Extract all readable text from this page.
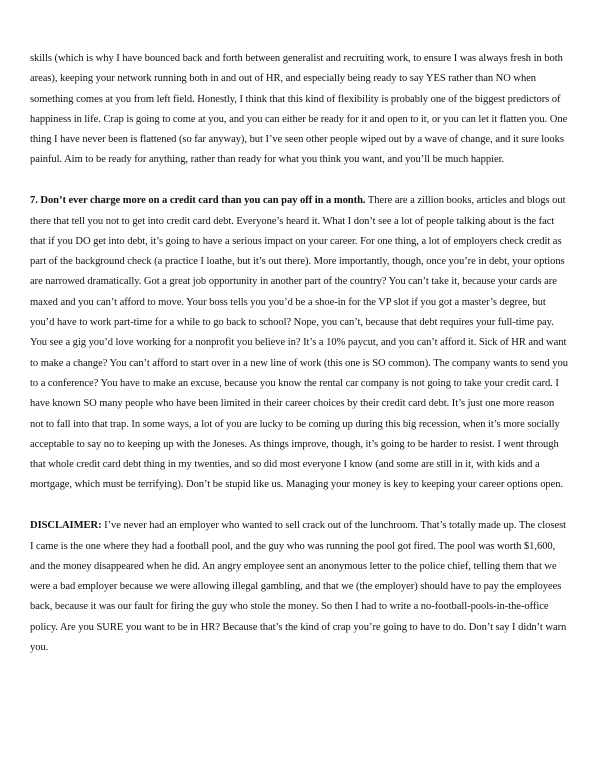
skills (which is why I have bounced back and forth between generalist and recruiting work, to ensure I was always fresh in both areas), keeping your network running both in and out of HR, and especially being ready to say YES rather than NO when something comes at you from left field. Honestly, I think that this kind of flexibility is probably one of the biggest predictors of happiness in life. Crap is going to come at you, and you can either be ready for it and open to it, or you can let it flatten you. One thing I have never been is flattened (so far anyway), but I’ve seen other people wiped out by a wave of change, and it sure looks painful. Aim to be ready for anything, rather than ready for what you think you want, and you’ll be much happier.

7. Don’t ever charge more on a credit card than you can pay off in a month. There are a zillion books, articles and blogs out there that tell you not to get into credit card debt. Everyone’s heard it. What I don’t see a lot of people talking about is the fact that if you DO get into debt, it’s going to have a serious impact on your career. For one thing, a lot of employers check credit as part of the background check (a practice I loathe, but it’s out there). More importantly, though, once you’re in debt, your options are narrowed dramatically. Got a great job opportunity in another part of the country? You can’t take it, because your cards are maxed and you can’t afford to move. Your boss tells you you’d be a shoe-in for the VP slot if you got a master’s degree, but you’d have to work part-time for a while to go back to school? Nope, you can’t, because that debt requires your full-time pay. You see a gig you’d love working for a nonprofit you believe in? It’s a 10% paycut, and you can’t afford it. Sick of HR and want to make a change? You can’t afford to start over in a new line of work (this one is SO common). The company wants to send you to a conference? You have to make an excuse, because you know the rental car company is not going to take your credit card. I have known SO many people who have been limited in their career choices by their credit card debt. It’s just one more reason not to fall into that trap. In some ways, a lot of you are lucky to be coming up during this big recession, when it’s more socially acceptable to say no to keeping up with the Joneses. As things improve, though, it’s going to be harder to resist. I went through that whole credit card debt thing in my twenties, and so did most everyone I know (and some are still in it, with kids and a mortgage, which must be terrifying). Don’t be stupid like us. Managing your money is key to keeping your career options open.

DISCLAIMER: I’ve never had an employer who wanted to sell crack out of the lunchroom. That’s totally made up. The closest I came is the one where they had a football pool, and the guy who was running the pool got fired. The pool was worth $1,600, and the money disappeared when he did. An angry employee sent an anonymous letter to the police chief, telling them that we were a bad employer because we were allowing illegal gambling, and that we (the employer) should have to pay the employees back, because it was our fault for firing the guy who stole the money. So then I had to write a no-football-pools-in-the-office policy. Are you SURE you want to be in HR? Because that’s the kind of crap you’re going to have to do. Don’t say I didn’t warn you.
